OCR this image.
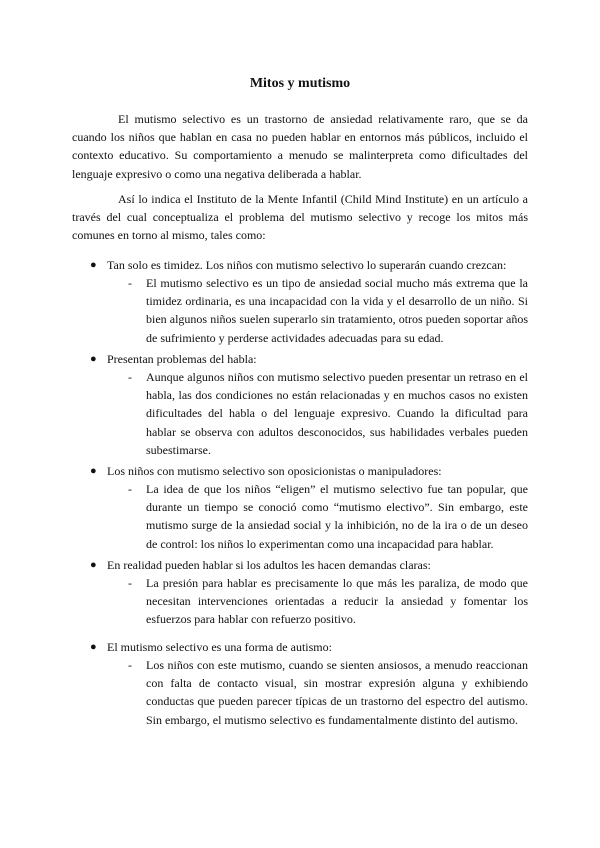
Mitos y mutismo

El mutismo selectivo es un trastorno de ansiedad relativamente raro, que se da cuando los niños que hablan en casa no pueden hablar en entornos más públicos, incluido el contexto educativo. Su comportamiento a menudo se malinterpreta como dificultades del lenguaje expresivo o como una negativa deliberada a hablar.

Así lo indica el Instituto de la Mente Infantil (Child Mind Institute) en un artículo a través del cual conceptualiza el problema del mutismo selectivo y recoge los mitos más comunes en torno al mismo, tales como:

● Tan solo es timidez. Los niños con mutismo selectivo lo superarán cuando crezcan:
- El mutismo selectivo es un tipo de ansiedad social mucho más extrema que la timidez ordinaria, es una incapacidad con la vida y el desarrollo de un niño. Si bien algunos niños suelen superarlo sin tratamiento, otros pueden soportar años de sufrimiento y perderse actividades adecuadas para su edad.

● Presentan problemas del habla:
- Aunque algunos niños con mutismo selectivo pueden presentar un retraso en el habla, las dos condiciones no están relacionadas y en muchos casos no existen dificultades del habla o del lenguaje expresivo. Cuando la dificultad para hablar se observa con adultos desconocidos, sus habilidades verbales pueden subestimarse.

● Los niños con mutismo selectivo son oposicionistas o manipuladores:
- La idea de que los niños “eligen” el mutismo selectivo fue tan popular, que durante un tiempo se conoció como “mutismo electivo”. Sin embargo, este mutismo surge de la ansiedad social y la inhibición, no de la ira o de un deseo de control: los niños lo experimentan como una incapacidad para hablar.

● En realidad pueden hablar si los adultos les hacen demandas claras:
- La presión para hablar es precisamente lo que más les paraliza, de modo que necesitan intervenciones orientadas a reducir la ansiedad y fomentar los esfuerzos para hablar con refuerzo positivo.

● El mutismo selectivo es una forma de autismo:
- Los niños con este mutismo, cuando se sienten ansiosos, a menudo reaccionan con falta de contacto visual, sin mostrar expresión alguna y exhibiendo conductas que pueden parecer típicas de un trastorno del espectro del autismo. Sin embargo, el mutismo selectivo es fundamentalmente distinto del autismo.
